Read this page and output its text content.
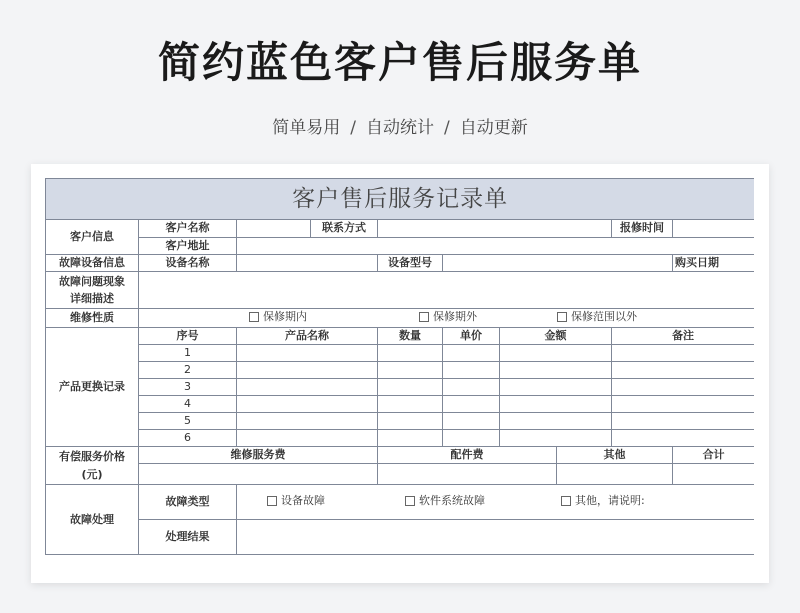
简约蓝色客户售后服务单
简单易用 / 自动统计 / 自动更新
客户售后服务记录单									
客户信息	客户名称		联系方式					报修时间	
	客户地址								
故障设备信息	设备名称			设备型号					购买日期
故障问题现象
详细描述									
维修性质	保修期内 保修期外 保修范围以外								

产品更换记录	序号	产品名称		数量	单价	金额		备注	
	1								
	2								
	3								
	4								
	5								
	6								
有偿服务价格
(元)	维修服务费			配件费			其他		合计

故障处理	故障类型	设备故障 软件系统故障 其他，请说明:							

	处理结果								
